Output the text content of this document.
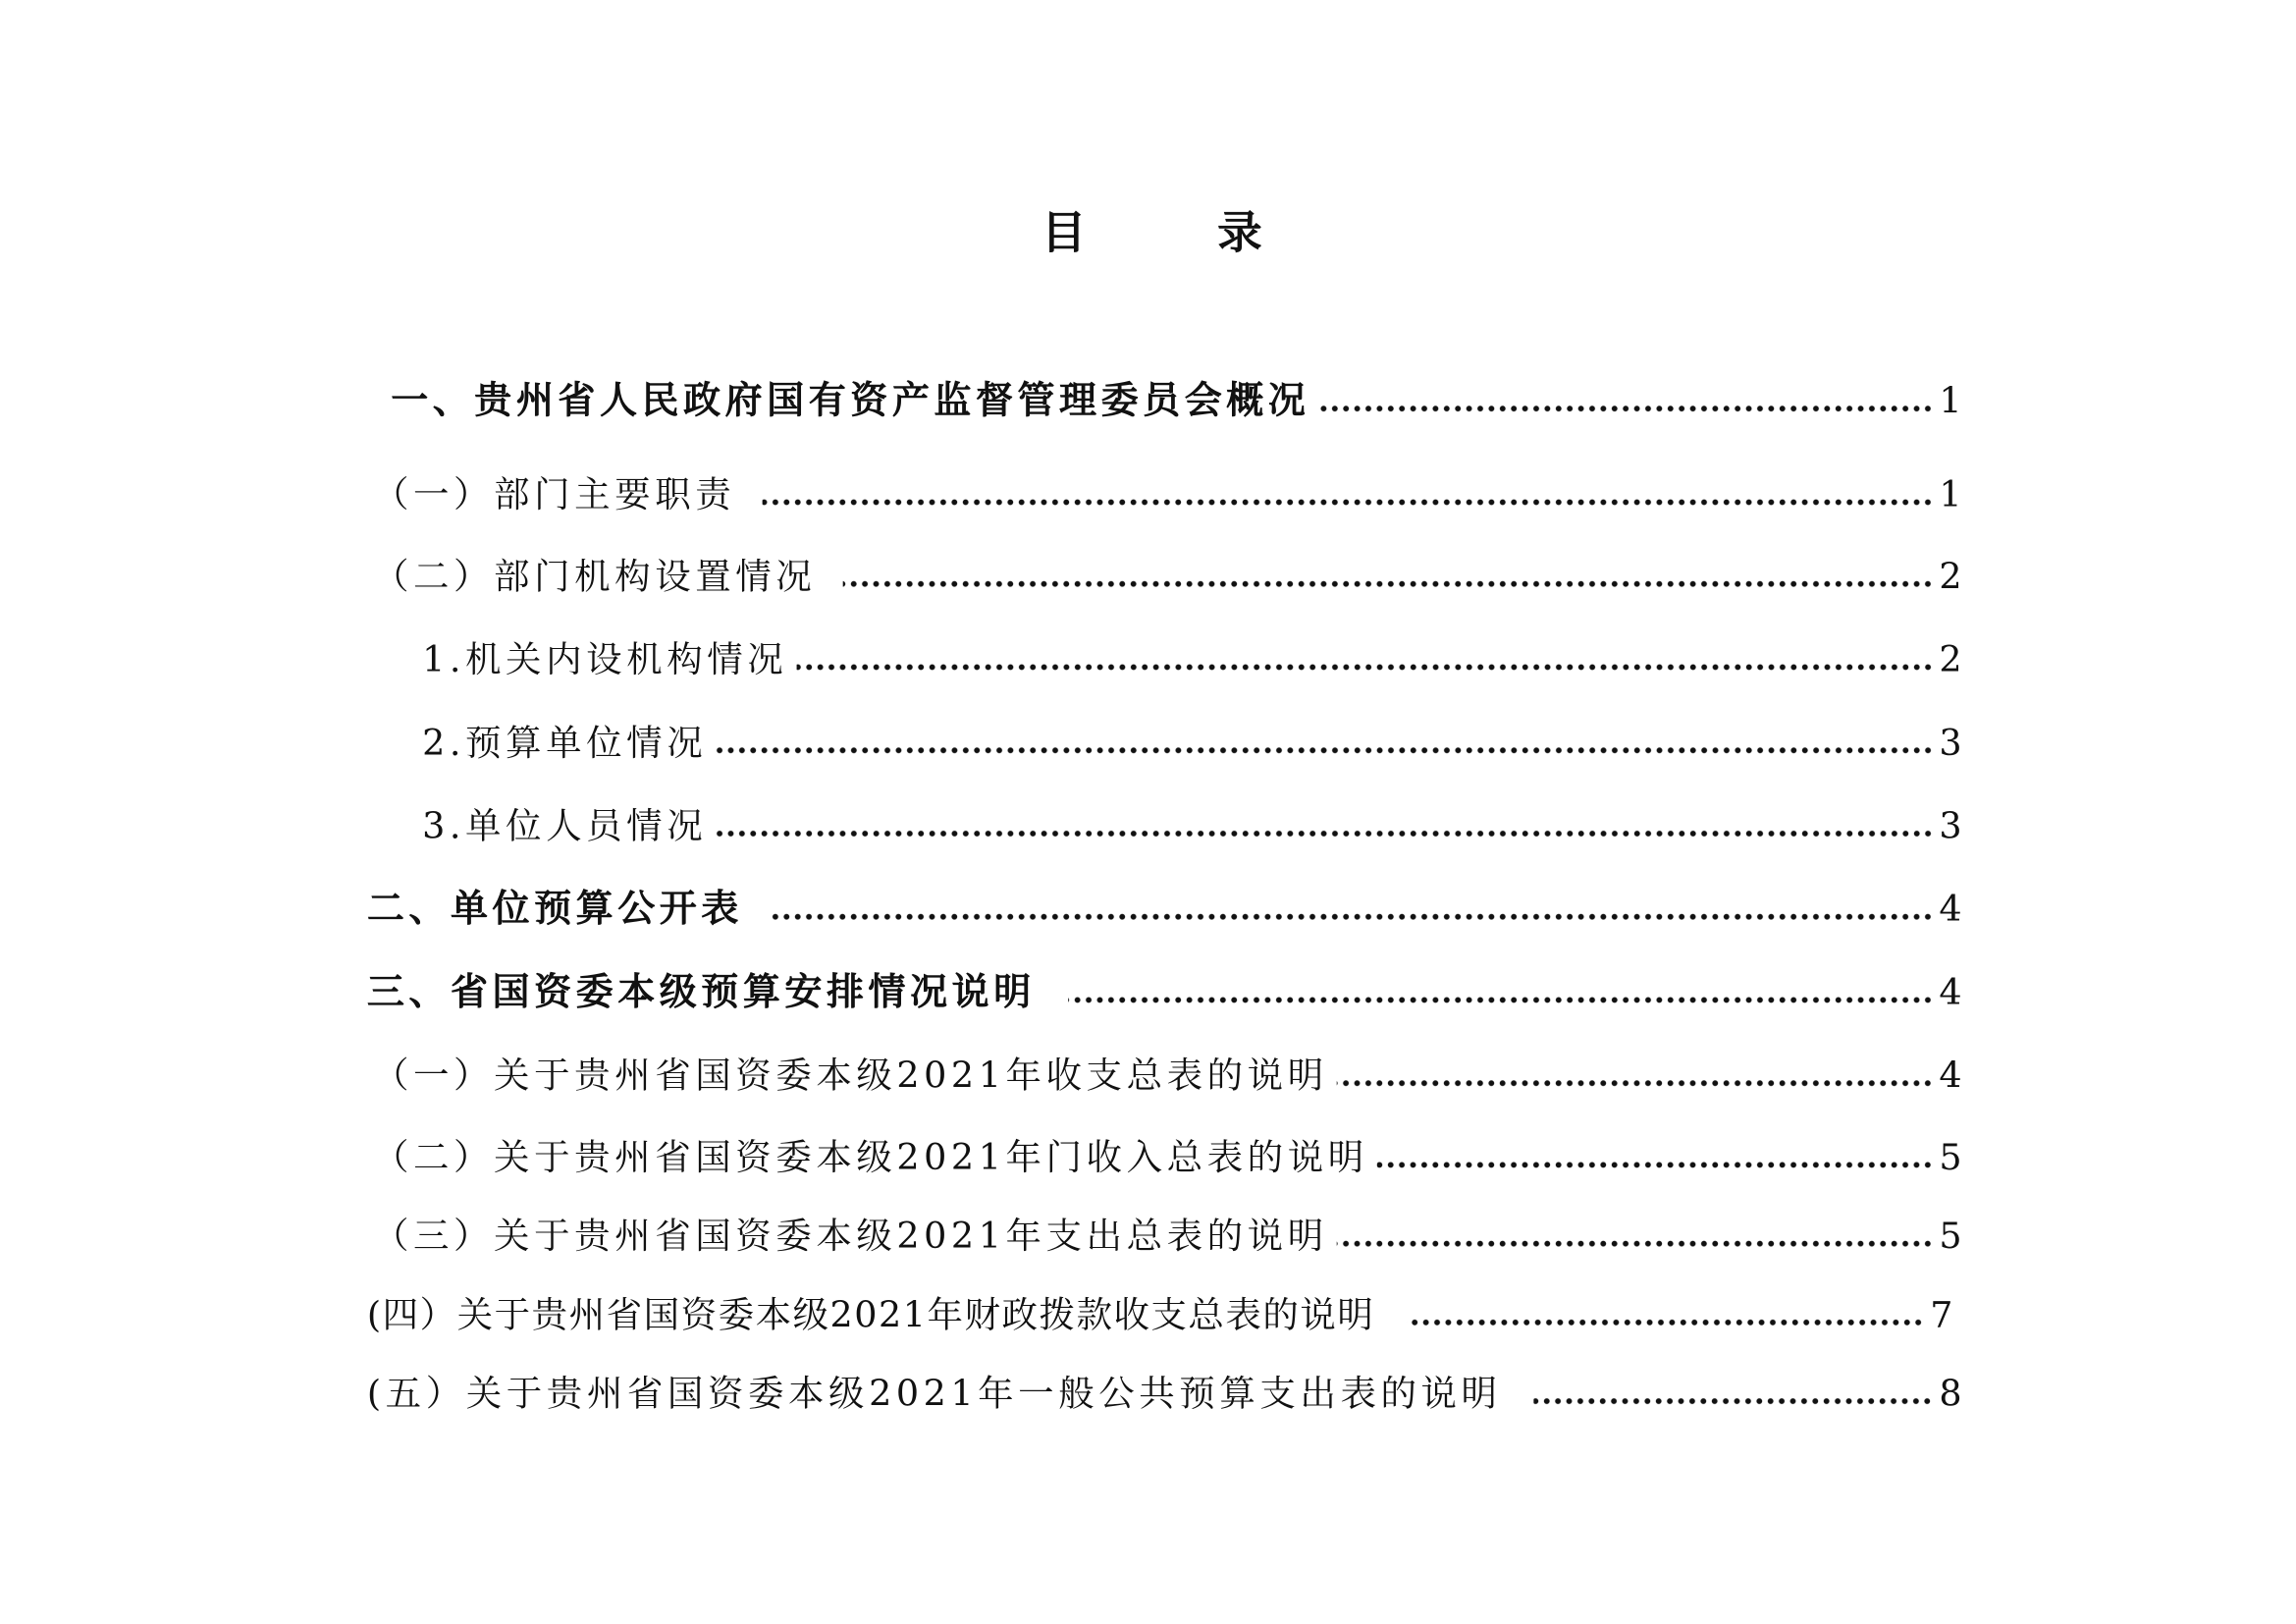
目录
一、贵州省人民政府国有资产监督管理委员会概况	1
（一）部门主要职责	1
（二）部门机构设置情况	2
1.机关内设机构情况	2
2.预算单位情况	3
3.单位人员情况	3
二、单位预算公开表	4
三、省国资委本级预算安排情况说明	4
（一）关于贵州省国资委本级2021年收支总表的说明	4
（二）关于贵州省国资委本级2021年门收入总表的说明	5
（三）关于贵州省国资委本级2021年支出总表的说明	5
(四）关于贵州省国资委本级2021年财政拨款收支总表的说明	7
(五）关于贵州省国资委本级2021年一般公共预算支出表的说明	8
